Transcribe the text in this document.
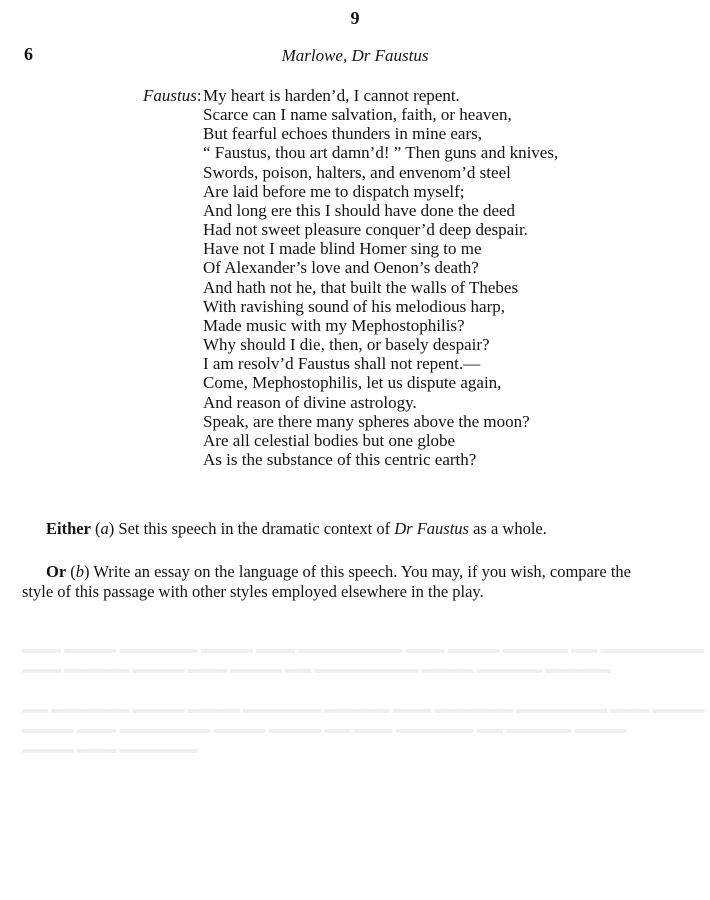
▬▬▬ ▬▬▬▬ ▬▬▬▬▬▬ ▬▬▬▬ ▬▬▬ ▬▬▬▬▬▬▬▬ ▬▬▬ ▬▬▬▬ ▬▬▬▬▬ ▬▬ ▬▬▬▬▬▬▬▬
▬▬▬ ▬▬▬▬▬ ▬▬▬▬ ▬▬▬ ▬▬▬▬ ▬▬ ▬▬▬▬▬▬▬▬ ▬▬▬▬ ▬▬▬▬▬ ▬▬▬▬▬
▬▬ ▬▬▬▬▬▬ ▬▬▬▬ ▬▬▬▬ ▬▬▬▬▬▬ ▬▬▬▬▬ ▬▬▬ ▬▬▬▬▬▬ ▬▬▬▬▬▬▬ ▬▬▬ ▬▬▬▬
▬▬▬▬ ▬▬▬ ▬▬▬▬▬▬▬ ▬▬▬▬ ▬▬▬▬ ▬▬ ▬▬▬ ▬▬▬▬▬▬ ▬▬ ▬▬▬▬▬ ▬▬▬▬
▬▬▬▬ ▬▬▬ ▬▬▬▬▬▬
9
6	Marlowe, Dr Faustus
Faustus: My heart is harden’d, I cannot repent.
Scarce can I name salvation, faith, or heaven,
But fearful echoes thunders in mine ears,
“ Faustus, thou art damn’d! ” Then guns and knives,
Swords, poison, halters, and envenom’d steel
Are laid before me to dispatch myself;
And long ere this I should have done the deed
Had not sweet pleasure conquer’d deep despair.
Have not I made blind Homer sing to me
Of Alexander’s love and Oenon’s death?
And hath not he, that built the walls of Thebes
With ravishing sound of his melodious harp,
Made music with my Mephostophilis?
Why should I die, then, or basely despair?
I am resolv’d Faustus shall not repent.—
Come, Mephostophilis, let us dispute again,
And reason of divine astrology.
Speak, are there many spheres above the moon?
Are all celestial bodies but one globe
As is the substance of this centric earth?
Either (a) Set this speech in the dramatic context of Dr Faustus as a whole.
Or (b) Write an essay on the language of this speech. You may, if you wish, compare the
style of this passage with other styles employed elsewhere in the play.
